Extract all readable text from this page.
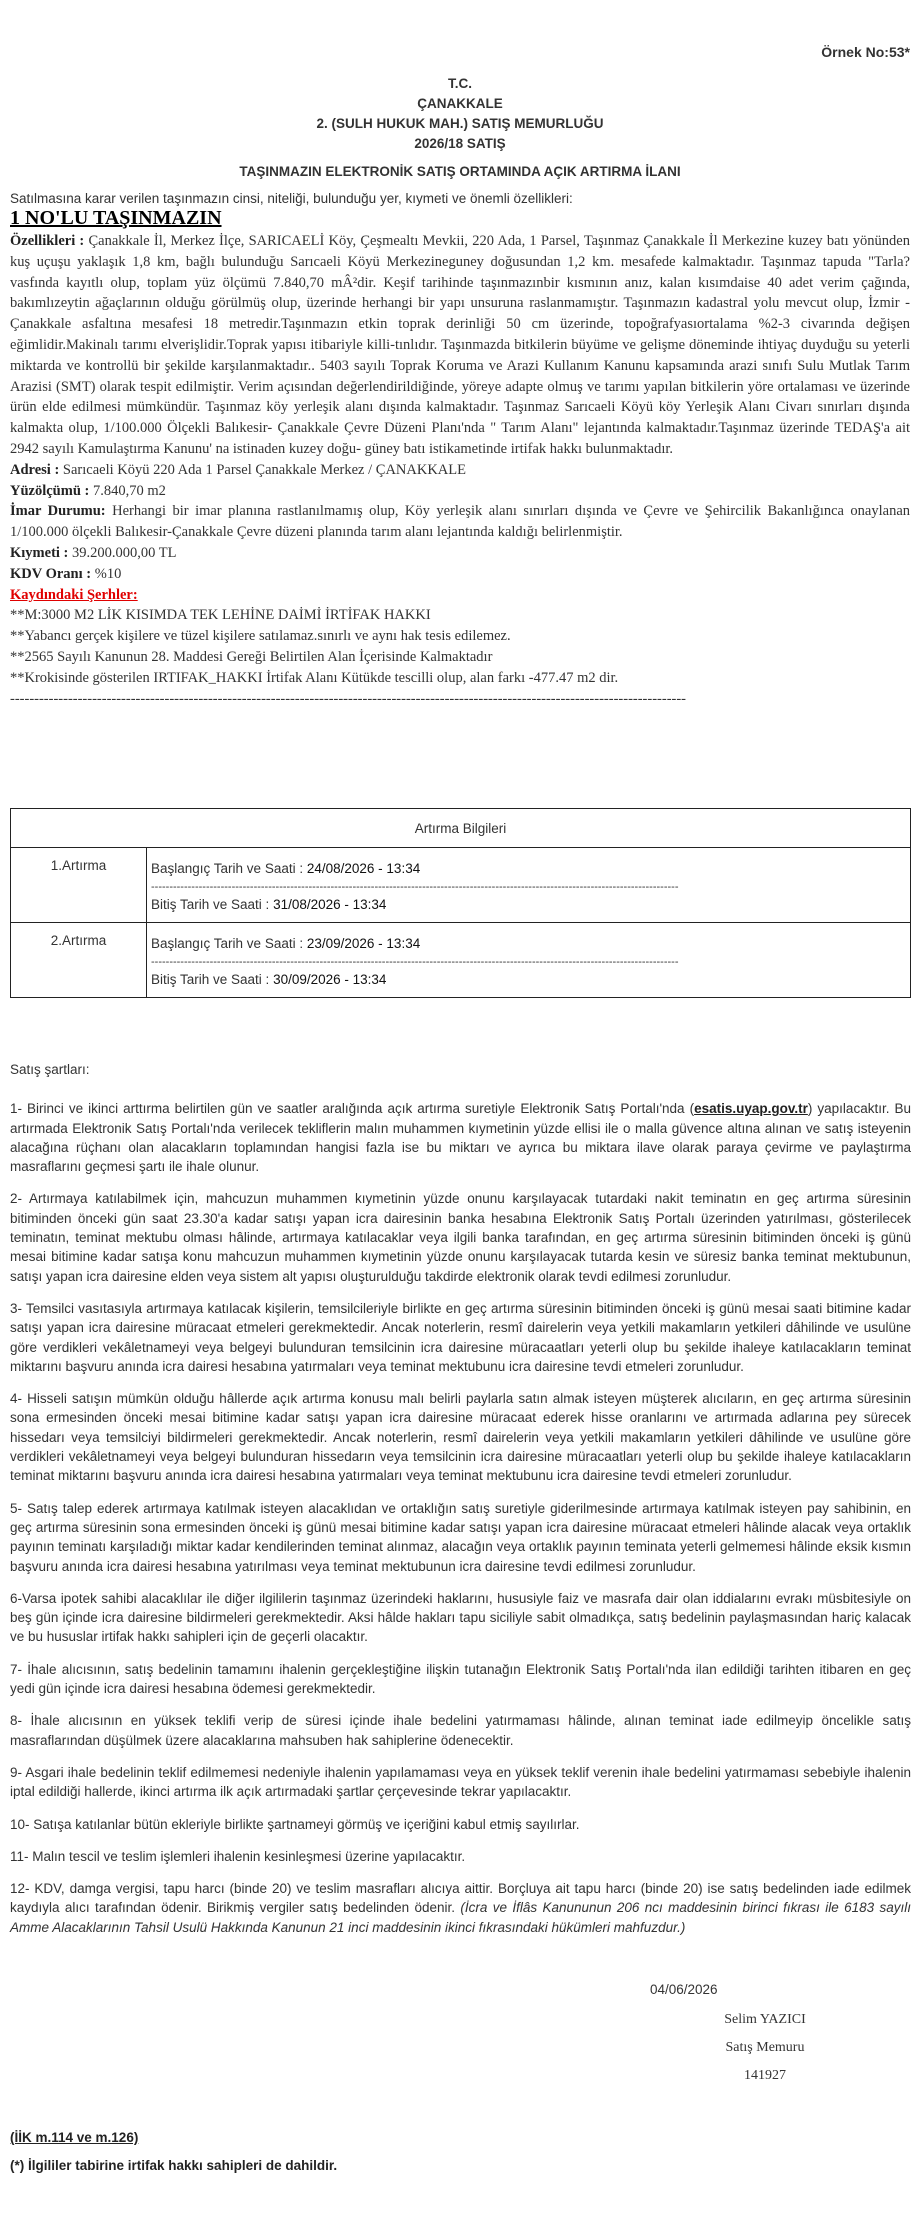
Örnek No:53*
T.C.
ÇANAKKALE
2. (SULH HUKUK MAH.) SATIŞ MEMURLUĞU
2026/18 SATIŞ
TAŞINMAZIN ELEKTRONİK SATIŞ ORTAMINDA AÇIK ARTIRMA İLANI
Satılmasına karar verilen taşınmazın cinsi, niteliği, bulunduğu yer, kıymeti ve önemli özellikleri:
1 NO'LU TAŞINMAZIN

Özellikleri : Çanakkale İl, Merkez İlçe, SARICAELİ Köy, Çeşmealtı Mevkii, 220 Ada, 1 Parsel, Taşınmaz Çanakkale İl Merkezine kuzey batı yönünden kuş uçuşu yaklaşık 1,8 km, bağlı bulunduğu Sarıcaeli Köyü Merkezineguney doğusundan 1,2 km. mesafede kalmaktadır. Taşınmaz tapuda "Tarla? vasfında kayıtlı olup, toplam yüz ölçümü 7.840,70 mÂ²dir. Keşif tarihinde taşınmazınbir kısmının anız, kalan kısımdaise 40 adet verim çağında, bakımlızeytin ağaçlarının olduğu görülmüş olup, üzerinde herhangi bir yapı unsuruna raslanmamıştır. Taşınmazın kadastral yolu mevcut olup, İzmir - Çanakkale asfaltına mesafesi 18 metredir.Taşınmazın etkin toprak derinliği 50 cm üzerinde, topoğrafyasıortalama %2-3 civarında değişen eğimlidir.Makinalı tarımı elverişlidir.Toprak yapısı itibariyle killi-tınlıdır. Taşınmazda bitkilerin büyüme ve gelişme döneminde ihtiyaç duyduğu su yeterli miktarda ve kontrollü bir şekilde karşılanmaktadır.. 5403 sayılı Toprak Koruma ve Arazi Kullanım Kanunu kapsamında arazi sınıfı Sulu Mutlak Tarım Arazisi (SMT) olarak tespit edilmiştir. Verim açısından değerlendirildiğinde, yöreye adapte olmuş ve tarımı yapılan bitkilerin yöre ortalaması ve üzerinde ürün elde edilmesi mümkündür. Taşınmaz köy yerleşik alanı dışında kalmaktadır. Taşınmaz Sarıcaeli Köyü köy Yerleşik Alanı Civarı sınırları dışında kalmakta olup, 1/100.000 Ölçekli Balıkesir- Çanakkale Çevre Düzeni Planı'nda " Tarım Alanı" lejantında kalmaktadır.Taşınmaz üzerinde TEDAŞ'a ait 2942 sayılı Kamulaştırma Kanunu' na istinaden kuzey doğu- güney batı istikametinde irtifak hakkı bulunmaktadır.

Adresi : Sarıcaeli Köyü 220 Ada 1 Parsel Çanakkale Merkez / ÇANAKKALE

Yüzölçümü : 7.840,70 m2

İmar Durumu: Herhangi bir imar planına rastlanılmamış olup, Köy yerleşik alanı sınırları dışında ve Çevre ve Şehircilik Bakanlığınca onaylanan 1/100.000 ölçekli Balıkesir-Çanakkale Çevre düzeni planında tarım alanı lejantında kaldığı belirlenmiştir.

Kıymeti : 39.200.000,00 TL

KDV Oranı : %10

Kaydındaki Şerhler:

**M:3000 M2 LİK KISIMDA TEK LEHİNE DAİMİ İRTİFAK HAKKI

**Yabancı gerçek kişilere ve tüzel kişilere satılamaz.sınırlı ve aynı hak tesis edilemez.

**2565 Sayılı Kanunun 28. Maddesi Gereği Belirtilen Alan İçerisinde Kalmaktadır

**Krokisinde gösterilen IRTIFAK_HAKKI İrtifak Alanı Kütükde tescilli olup, alan farkı -477.47 m2 dir.

--------------------------------------------------------------------------------------------------------------------------------------------

Artırma Bilgileri	
1.Artırma	Başlangıç Tarih ve Saati : 24/08/2026 - 13:34
------------------------------------------------------------------------------------------------------------------------------------------------
Bitiş Tarih ve Saati : 31/08/2026 - 13:34

2.Artırma	Başlangıç Tarih ve Saati : 23/09/2026 - 13:34
------------------------------------------------------------------------------------------------------------------------------------------------
Bitiş Tarih ve Saati : 30/09/2026 - 13:34

Satış şartları:

1- Birinci ve ikinci arttırma belirtilen gün ve saatler aralığında açık artırma suretiyle Elektronik Satış Portalı'nda (esatis.uyap.gov.tr) yapılacaktır. Bu artırmada Elektronik Satış Portalı'nda verilecek tekliflerin malın muhammen kıymetinin yüzde ellisi ile o malla güvence altına alınan ve satış isteyenin alacağına rüçhanı olan alacakların toplamından hangisi fazla ise bu miktarı ve ayrıca bu miktara ilave olarak paraya çevirme ve paylaştırma masraflarını geçmesi şartı ile ihale olunur.

2- Artırmaya katılabilmek için, mahcuzun muhammen kıymetinin yüzde onunu karşılayacak tutardaki nakit teminatın en geç artırma süresinin bitiminden önceki gün saat 23.30'a kadar satışı yapan icra dairesinin banka hesabına Elektronik Satış Portalı üzerinden yatırılması, gösterilecek teminatın, teminat mektubu olması hâlinde, artırmaya katılacaklar veya ilgili banka tarafından, en geç artırma süresinin bitiminden önceki iş günü mesai bitimine kadar satışa konu mahcuzun muhammen kıymetinin yüzde onunu karşılayacak tutarda kesin ve süresiz banka teminat mektubunun, satışı yapan icra dairesine elden veya sistem alt yapısı oluşturulduğu takdirde elektronik olarak tevdi edilmesi zorunludur.

3- Temsilci vasıtasıyla artırmaya katılacak kişilerin, temsilcileriyle birlikte en geç artırma süresinin bitiminden önceki iş günü mesai saati bitimine kadar satışı yapan icra dairesine müracaat etmeleri gerekmektedir. Ancak noterlerin, resmî dairelerin veya yetkili makamların yetkileri dâhilinde ve usulüne göre verdikleri vekâletnameyi veya belgeyi bulunduran temsilcinin icra dairesine müracaatları yeterli olup bu şekilde ihaleye katılacakların teminat miktarını başvuru anında icra dairesi hesabına yatırmaları veya teminat mektubunu icra dairesine tevdi etmeleri zorunludur.

4- Hisseli satışın mümkün olduğu hâllerde açık artırma konusu malı belirli paylarla satın almak isteyen müşterek alıcıların, en geç artırma süresinin sona ermesinden önceki mesai bitimine kadar satışı yapan icra dairesine müracaat ederek hisse oranlarını ve artırmada adlarına pey sürecek hissedarı veya temsilciyi bildirmeleri gerekmektedir. Ancak noterlerin, resmî dairelerin veya yetkili makamların yetkileri dâhilinde ve usulüne göre verdikleri vekâletnameyi veya belgeyi bulunduran hissedarın veya temsilcinin icra dairesine müracaatları yeterli olup bu şekilde ihaleye katılacakların teminat miktarını başvuru anında icra dairesi hesabına yatırmaları veya teminat mektubunu icra dairesine tevdi etmeleri zorunludur.

5- Satış talep ederek artırmaya katılmak isteyen alacaklıdan ve ortaklığın satış suretiyle giderilmesinde artırmaya katılmak isteyen pay sahibinin, en geç artırma süresinin sona ermesinden önceki iş günü mesai bitimine kadar satışı yapan icra dairesine müracaat etmeleri hâlinde alacak veya ortaklık payının teminatı karşıladığı miktar kadar kendilerinden teminat alınmaz, alacağın veya ortaklık payının teminata yeterli gelmemesi hâlinde eksik kısmın başvuru anında icra dairesi hesabına yatırılması veya teminat mektubunun icra dairesine tevdi edilmesi zorunludur.

6-Varsa ipotek sahibi alacaklılar ile diğer ilgililerin taşınmaz üzerindeki haklarını, hususiyle faiz ve masrafa dair olan iddialarını evrakı müsbitesiyle on beş gün içinde icra dairesine bildirmeleri gerekmektedir. Aksi hâlde hakları tapu siciliyle sabit olmadıkça, satış bedelinin paylaşmasından hariç kalacak ve bu hususlar irtifak hakkı sahipleri için de geçerli olacaktır.

7- İhale alıcısının, satış bedelinin tamamını ihalenin gerçekleştiğine ilişkin tutanağın Elektronik Satış Portalı'nda ilan edildiği tarihten itibaren en geç yedi gün içinde icra dairesi hesabına ödemesi gerekmektedir.

8- İhale alıcısının en yüksek teklifi verip de süresi içinde ihale bedelini yatırmaması hâlinde, alınan teminat iade edilmeyip öncelikle satış masraflarından düşülmek üzere alacaklarına mahsuben hak sahiplerine ödenecektir.

9- Asgari ihale bedelinin teklif edilmemesi nedeniyle ihalenin yapılamaması veya en yüksek teklif verenin ihale bedelini yatırmaması sebebiyle ihalenin iptal edildiği hallerde, ikinci artırma ilk açık artırmadaki şartlar çerçevesinde tekrar yapılacaktır.

10- Satışa katılanlar bütün ekleriyle birlikte şartnameyi görmüş ve içeriğini kabul etmiş sayılırlar.

11- Malın tescil ve teslim işlemleri ihalenin kesinleşmesi üzerine yapılacaktır.

12- KDV, damga vergisi, tapu harcı (binde 20) ve teslim masrafları alıcıya aittir. Borçluya ait tapu harcı (binde 20) ise satış bedelinden iade edilmek kaydıyla alıcı tarafından ödenir. Birikmiş vergiler satış bedelinden ödenir. (İcra ve İflâs Kanununun 206 ncı maddesinin birinci fıkrası ile 6183 sayılı Amme Alacaklarının Tahsil Usulü Hakkında Kanunun 21 inci maddesinin ikinci fıkrasındaki hükümleri mahfuzdur.)

04/06/2026
Selim YAZICI
Satış Memuru
141927
(İİK m.114 ve m.126)
(*) İlgililer tabirine irtifak hakkı sahipleri de dahildir.
